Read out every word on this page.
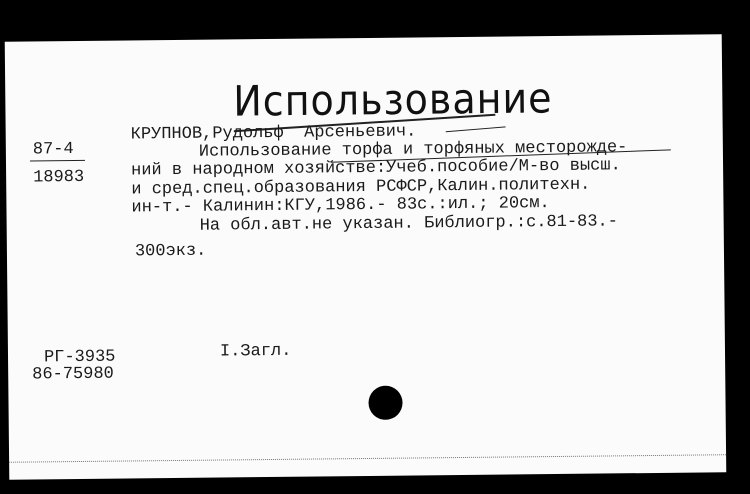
Использование
87-4
18983
КРУПНОВ,Рудольф  Арсеньевич.
Использование торфа и торфяных месторожде-
ний в народном хозяйстве:Учеб.пособие/М-во высш.
и сред.спец.образования РСФСР,Калин.политехн.
ин-т.- Калинин:КГУ,1986.- 83с.:ил.; 20см.
На обл.авт.не указан. Библиогр.:с.81-83.-
300экз.
I.Загл.
РГ-3935
86-75980
